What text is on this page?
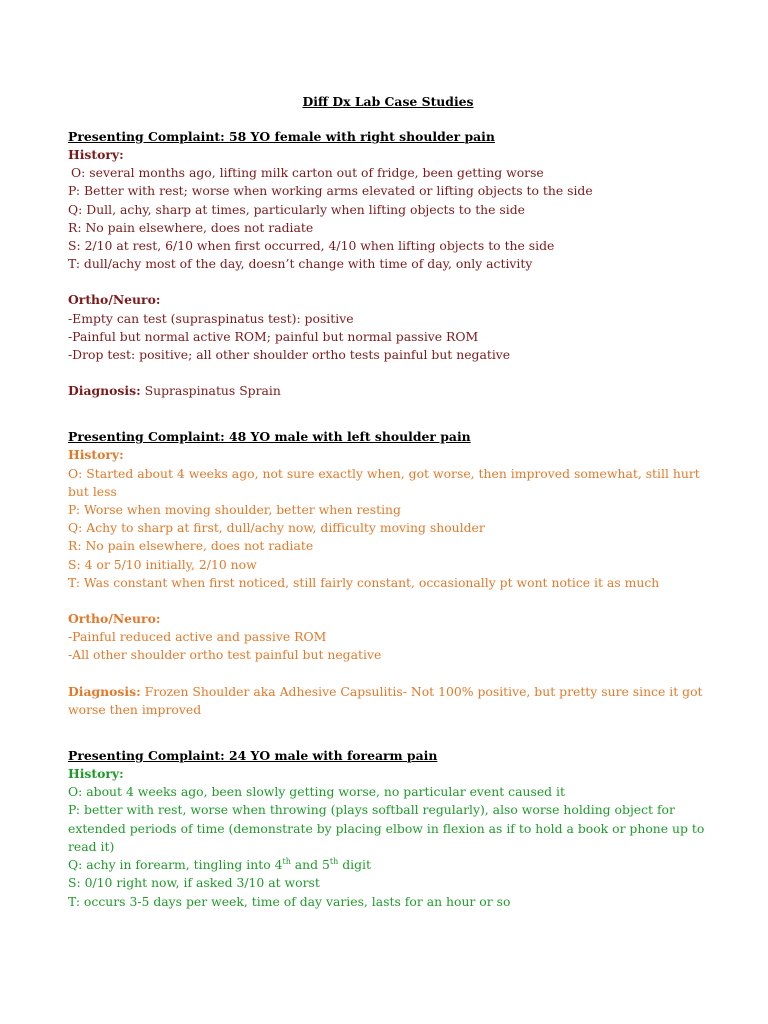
Diff Dx Lab Case Studies

Presenting Complaint: 58 YO female with right shoulder pain

History:

O: several months ago, lifting milk carton out of fridge, been getting worse

P: Better with rest; worse when working arms elevated or lifting objects to the side

Q: Dull, achy, sharp at times, particularly when lifting objects to the side

R: No pain elsewhere, does not radiate

S: 2/10 at rest, 6/10 when first occurred, 4/10 when lifting objects to the side

T: dull/achy most of the day, doesn’t change with time of day, only activity

Ortho/Neuro:

-Empty can test (supraspinatus test): positive

-Painful but normal active ROM; painful but normal passive ROM

-Drop test: positive; all other shoulder ortho tests painful but negative

Diagnosis: Supraspinatus Sprain

Presenting Complaint: 48 YO male with left shoulder pain

History:

O: Started about 4 weeks ago, not sure exactly when, got worse, then improved somewhat, still hurt but less

P: Worse when moving shoulder, better when resting

Q: Achy to sharp at first, dull/achy now, difficulty moving shoulder

R: No pain elsewhere, does not radiate

S: 4 or 5/10 initially, 2/10 now

T: Was constant when first noticed, still fairly constant, occasionally pt wont notice it as much

Ortho/Neuro:

-Painful reduced active and passive ROM

-All other shoulder ortho test painful but negative

Diagnosis: Frozen Shoulder aka Adhesive Capsulitis- Not 100% positive, but pretty sure since it got worse then improved

Presenting Complaint: 24 YO male with forearm pain

History:

O: about 4 weeks ago, been slowly getting worse, no particular event caused it

P: better with rest, worse when throwing (plays softball regularly), also worse holding object for extended periods of time (demonstrate by placing elbow in flexion as if to hold a book or phone up to read it)

Q: achy in forearm, tingling into 4th and 5th digit

S: 0/10 right now, if asked 3/10 at worst

T: occurs 3-5 days per week, time of day varies, lasts for an hour or so
